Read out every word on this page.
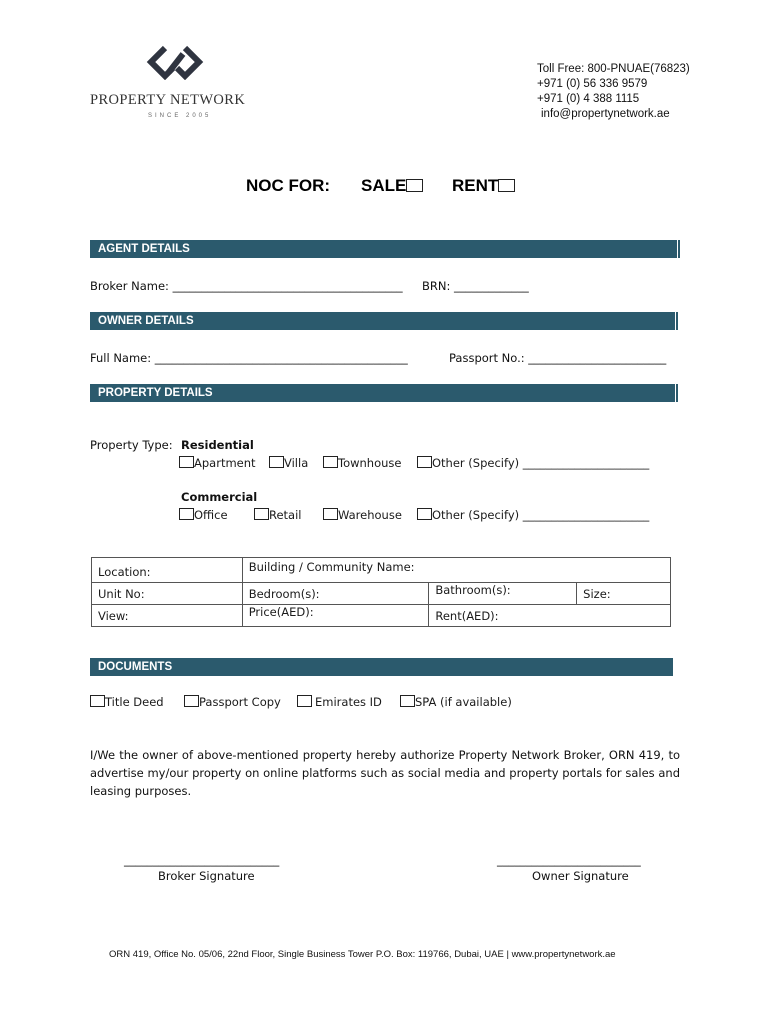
PROPERTY NETWORK
SINCE 2005
Toll Free: 800-PNUAE(76823)
+971 (0) 56 336 9579
+971 (0) 4 388 1115
info@propertynetwork.ae
NOC FOR: SALE	RENT
AGENT DETAILS
Broker Name: ________________________________________ BRN: _____________
OWNER DETAILS
Full Name: ____________________________________________	Passport No.: ________________________
PROPERTY DETAILS
Property Type: Residential
Apartment	Villa	Townhouse	Other (Specify) ______________________
Commercial
Office	Retail	Warehouse	Other (Specify) ______________________
Location:	Building / Community Name:		
Unit No:	Bedroom(s):	Bathroom(s):	Size:
View:	Price(AED):	Rent(AED):	
DOCUMENTS
Title Deed	Passport Copy	Emirates ID	SPA (if available)
I/We the owner of above-mentioned property hereby authorize Property Network Broker, ORN 419, to advertise my/our property on online platforms such as social media and property portals for sales and leasing purposes.
___________________________
Broker Signature
_________________________
Owner Signature
ORN 419, Office No. 05/06, 22nd Floor, Single Business Tower P.O. Box: 119766, Dubai, UAE | www.propertynetwork.ae
